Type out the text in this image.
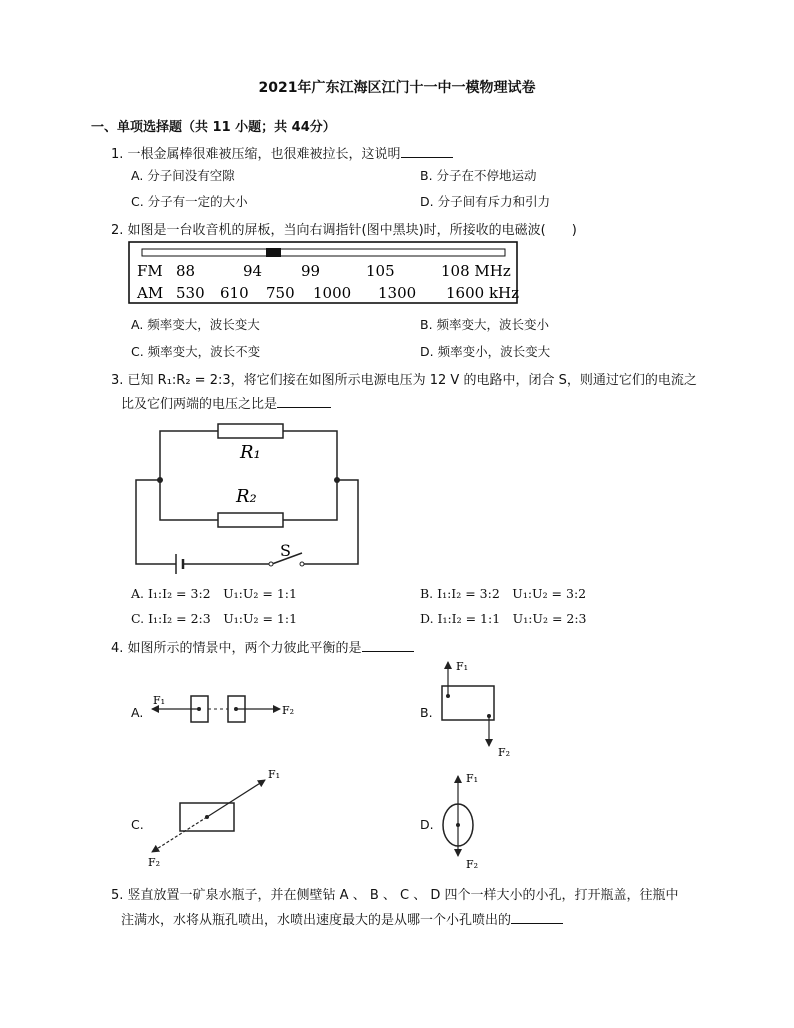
2021年广东江海区江门十一中一模物理试卷
一、单项选择题（共 11 小题；共 44分）
1. 一根金属棒很难被压缩，也很难被拉长，这说明
A. 分子间没有空隙	B. 分子在不停地运动
C. 分子有一定的大小	D. 分子间有斥力和引力
2. 如图是一台收音机的屏板，当向右调指针(图中黑块)时，所接收的电磁波(　　)
FM 88	94	99	105	108 MHz
AM 530 610 750 1000 1300 1600 kHz
A. 频率变大，波长变大	B. 频率变大，波长变小
C. 频率变大，波长不变	D. 频率变小，波长变大
3. 已知 R₁:R₂ = 2:3，将它们接在如图所示电源电压为 12 V 的电路中，闭合 S，则通过它们的电流之
比及它们两端的电压之比是
R₁
R₂
S
A. I₁:I₂ = 3:2　U₁:U₂ = 1:1	B. I₁:I₂ = 3:2　U₁:U₂ = 3:2
C. I₁:I₂ = 2:3　U₁:U₂ = 1:1	D. I₁:I₂ = 1:1　U₁:U₂ = 2:3
4. 如图所示的情景中，两个力彼此平衡的是
A.
F₁
F₂	B.
F₁
F₂
C.
F₁
F₂
D.
F₁
F₂
5. 竖直放置一矿泉水瓶子，并在侧壁钻 A 、 B 、 C 、 D 四个一样大小的小孔，打开瓶盖，往瓶中
注满水，水将从瓶孔喷出，水喷出速度最大的是从哪一个小孔喷出的
